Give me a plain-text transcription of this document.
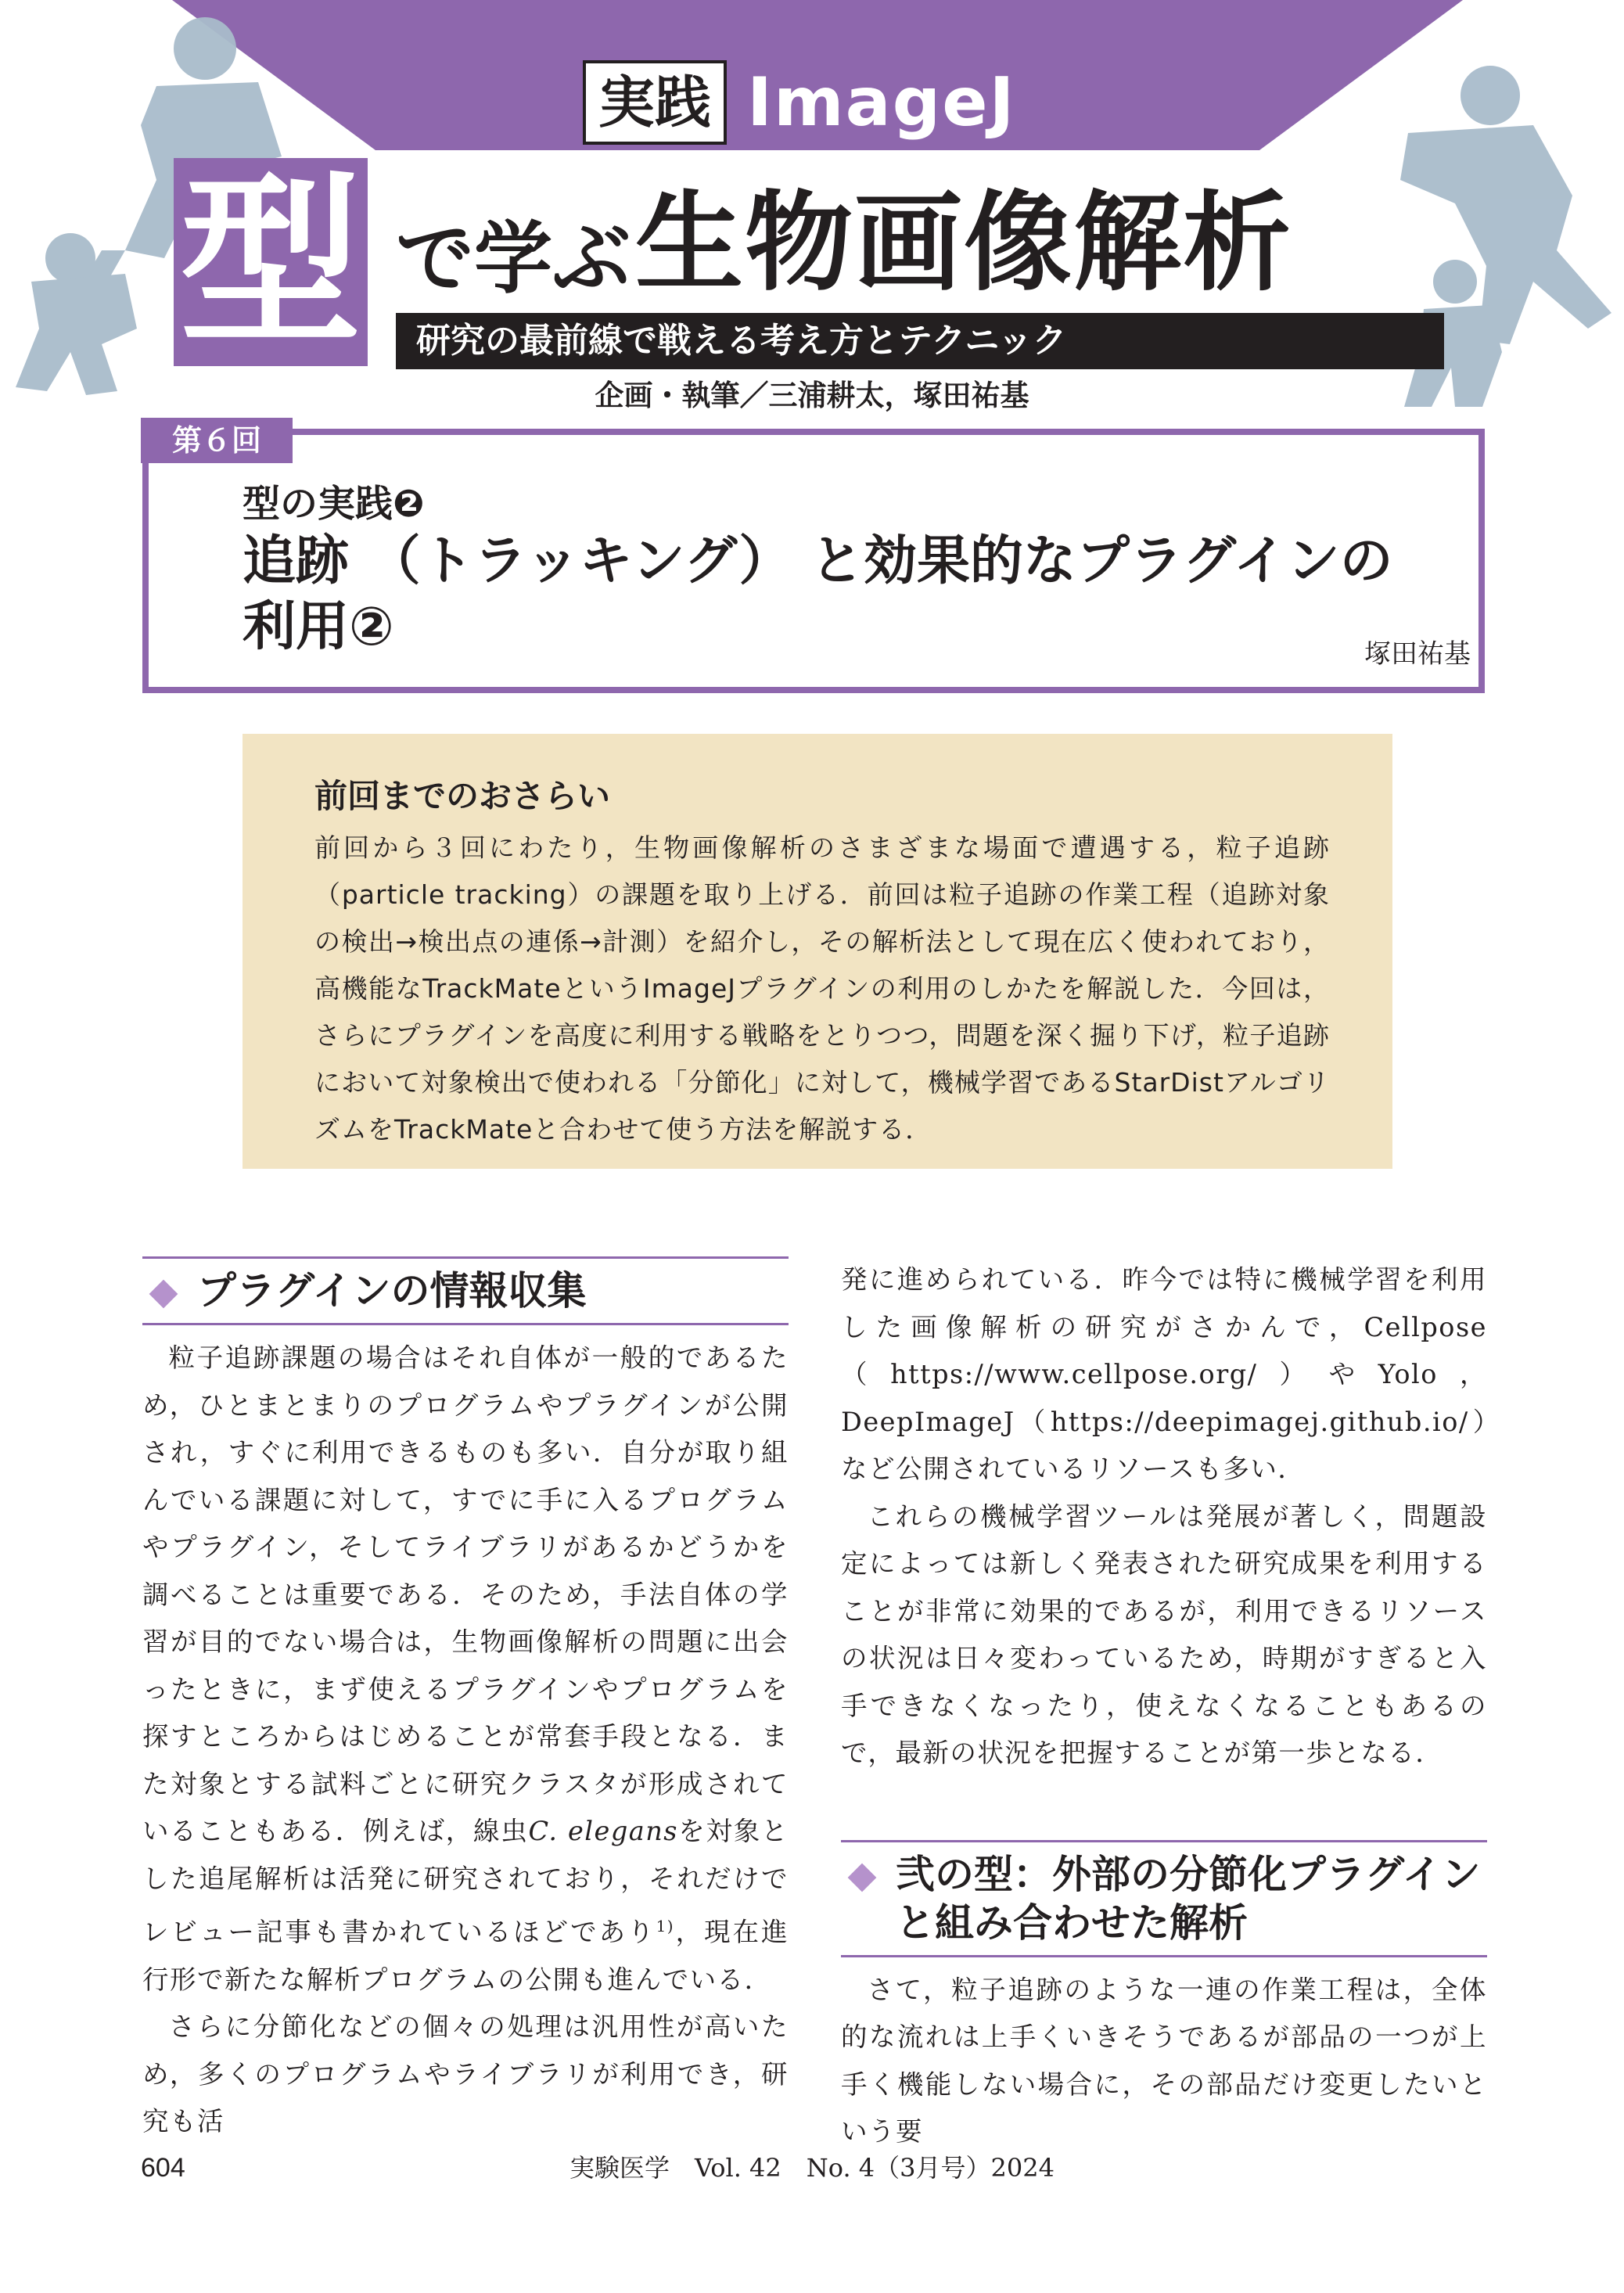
実践 ImageJ
型 で学ぶ 生物画像解析
研究の最前線で戦える考え方とテクニック
企画・執筆／三浦耕太，塚田祐基
第６回
型の実践❷
追跡 （トラッキング） と効果的なプラグインの
利用②	塚田祐基
前回までのおさらい
前回から３回にわたり，生物画像解析のさまざまな場面で遭遇する，粒子追跡（particle tracking）の課題を取り上げる．前回は粒子追跡の作業工程（追跡対象の検出→検出点の連係→計測）を紹介し，その解析法として現在広く使われており，高機能なTrackMateというImageJプラグインの利用のしかたを解説した．今回は，さらにプラグインを高度に利用する戦略をとりつつ，問題を深く掘り下げ，粒子追跡において対象検出で使われる「分節化」に対して，機械学習であるStarDistアルゴリズムをTrackMateと合わせて使う方法を解説する．
プラグインの情報収集

粒子追跡課題の場合はそれ自体が一般的であるため，ひとまとまりのプログラムやプラグインが公開され，すぐに利用できるものも多い．自分が取り組んでいる課題に対して，すでに手に入るプログラムやプラグイン，そしてライブラリがあるかどうかを調べることは重要である．そのため，手法自体の学習が目的でない場合は，生物画像解析の問題に出会ったときに，まず使えるプラグインやプログラムを探すところからはじめることが常套手段となる．また対象とする試料ごとに研究クラスタが形成されていることもある．例えば，線虫C. elegansを対象とした追尾解析は活発に研究されており，それだけでレビュー記事も書かれているほどであり$^{1)}$，現在進行形で新たな解析プログラムの公開も進んでいる．

さらに分節化などの個々の処理は汎用性が高いため，多くのプログラムやライブラリが利用でき，研究も活

発に進められている．昨今では特に機械学習を利用した画像解析の研究がさかんで，Cellpose（https://www.cellpose.org/）やYolo，DeepImageJ（https://deepimagej.github.io/）など公開されているリソースも多い．

これらの機械学習ツールは発展が著しく，問題設定によっては新しく発表された研究成果を利用することが非常に効果的であるが，利用できるリソースの状況は日々変わっているため，時期がすぎると入手できなくなったり，使えなくなることもあるので，最新の状況を把握することが第一歩となる．

弐の型：外部の分節化プラグイン
と組み合わせた解析

さて，粒子追跡のような一連の作業工程は，全体的な流れは上手くいきそうであるが部品の一つが上手く機能しない場合に，その部品だけ変更したいという要

604	実験医学　Vol. 42　No. 4（3月号）2024
